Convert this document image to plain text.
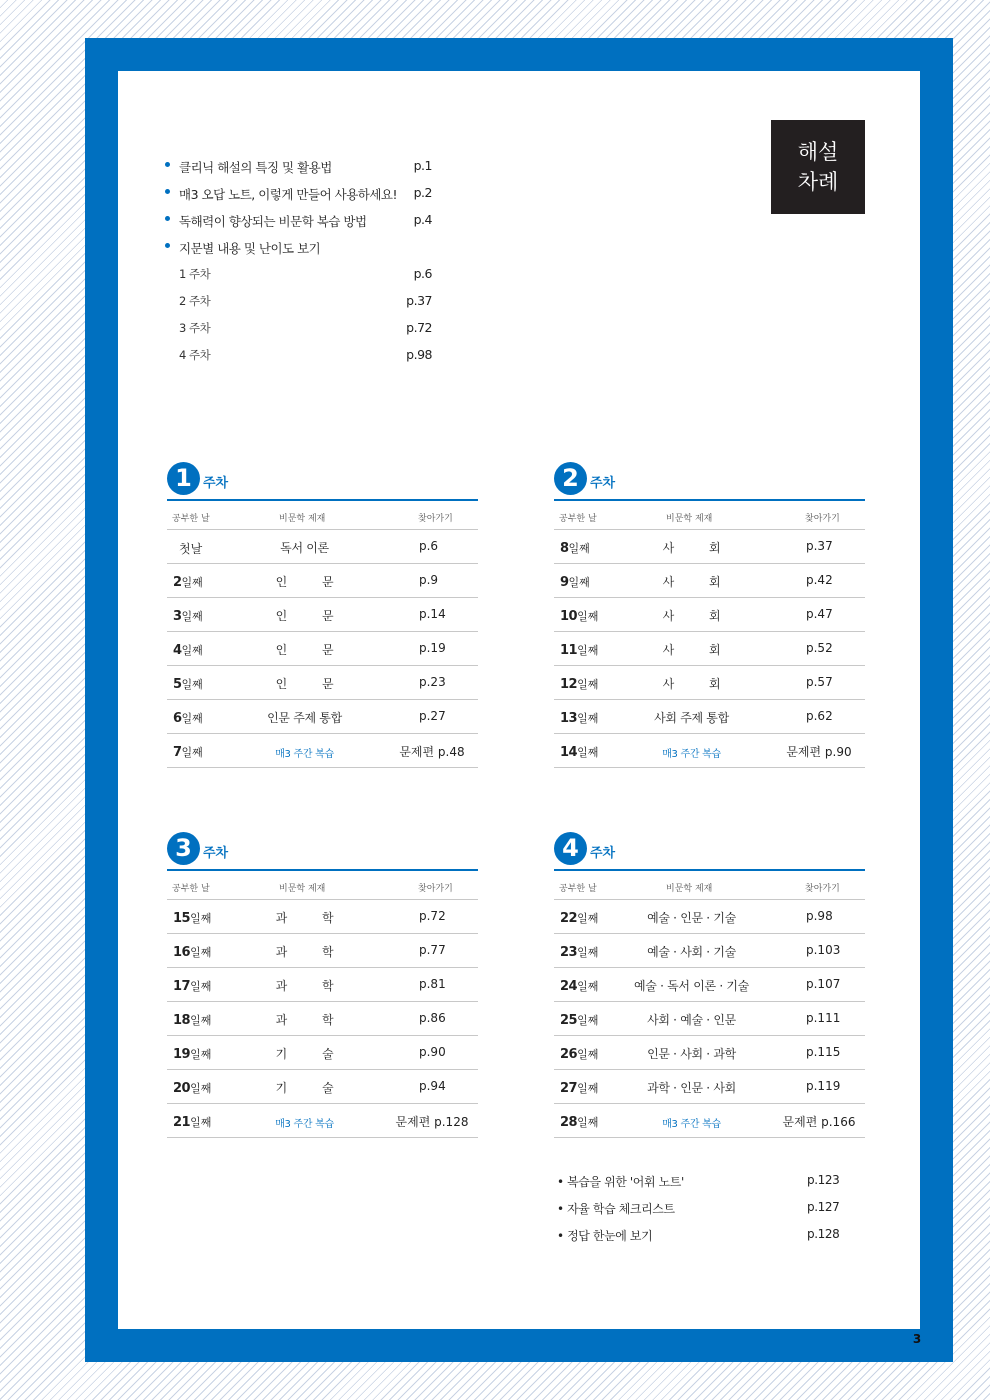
해설
차례
클리닉 해설의 특징 및 활용법	p.1
매3 오답 노트, 이렇게 만들어 사용하세요!	p.2
독해력이 향상되는 비문학 복습 방법	p.4
지문별 내용 및 난이도 보기
1 주차	p.6
2 주차	p.37
3 주차	p.72
4 주차	p.98
1 주차
공부한 날	비문학 제재	찾아가기
첫날	독서 이론	p.6
2일째	인　　　문	p.9
3일째	인　　　문	p.14
4일째	인　　　문	p.19
5일째	인　　　문	p.23
6일째	인문 주제 통합	p.27
7일째	매3 주간 복습	문제편 p.48
2 주차
공부한 날	비문학 제재	찾아가기
8일째	사　　　회	p.37
9일째	사　　　회	p.42
10일째	사　　　회	p.47
11일째	사　　　회	p.52
12일째	사　　　회	p.57
13일째	사회 주제 통합	p.62
14일째	매3 주간 복습	문제편 p.90
3 주차
공부한 날	비문학 제재	찾아가기
15일째	과　　　학	p.72
16일째	과　　　학	p.77
17일째	과　　　학	p.81
18일째	과　　　학	p.86
19일째	기　　　술	p.90
20일째	기　　　술	p.94
21일째	매3 주간 복습	문제편 p.128
4 주차
공부한 날	비문학 제재	찾아가기
22일째	예술 · 인문 · 기술	p.98
23일째	예술 · 사회 · 기술	p.103
24일째	예술 · 독서 이론 · 기술	p.107
25일째	사회 · 예술 · 인문	p.111
26일째	인문 · 사회 · 과학	p.115
27일째	과학 · 인문 · 사회	p.119
28일째	매3 주간 복습	문제편 p.166
• 복습을 위한 '어휘 노트'	p.123
• 자율 학습 체크리스트	p.127
• 정답 한눈에 보기	p.128
3
